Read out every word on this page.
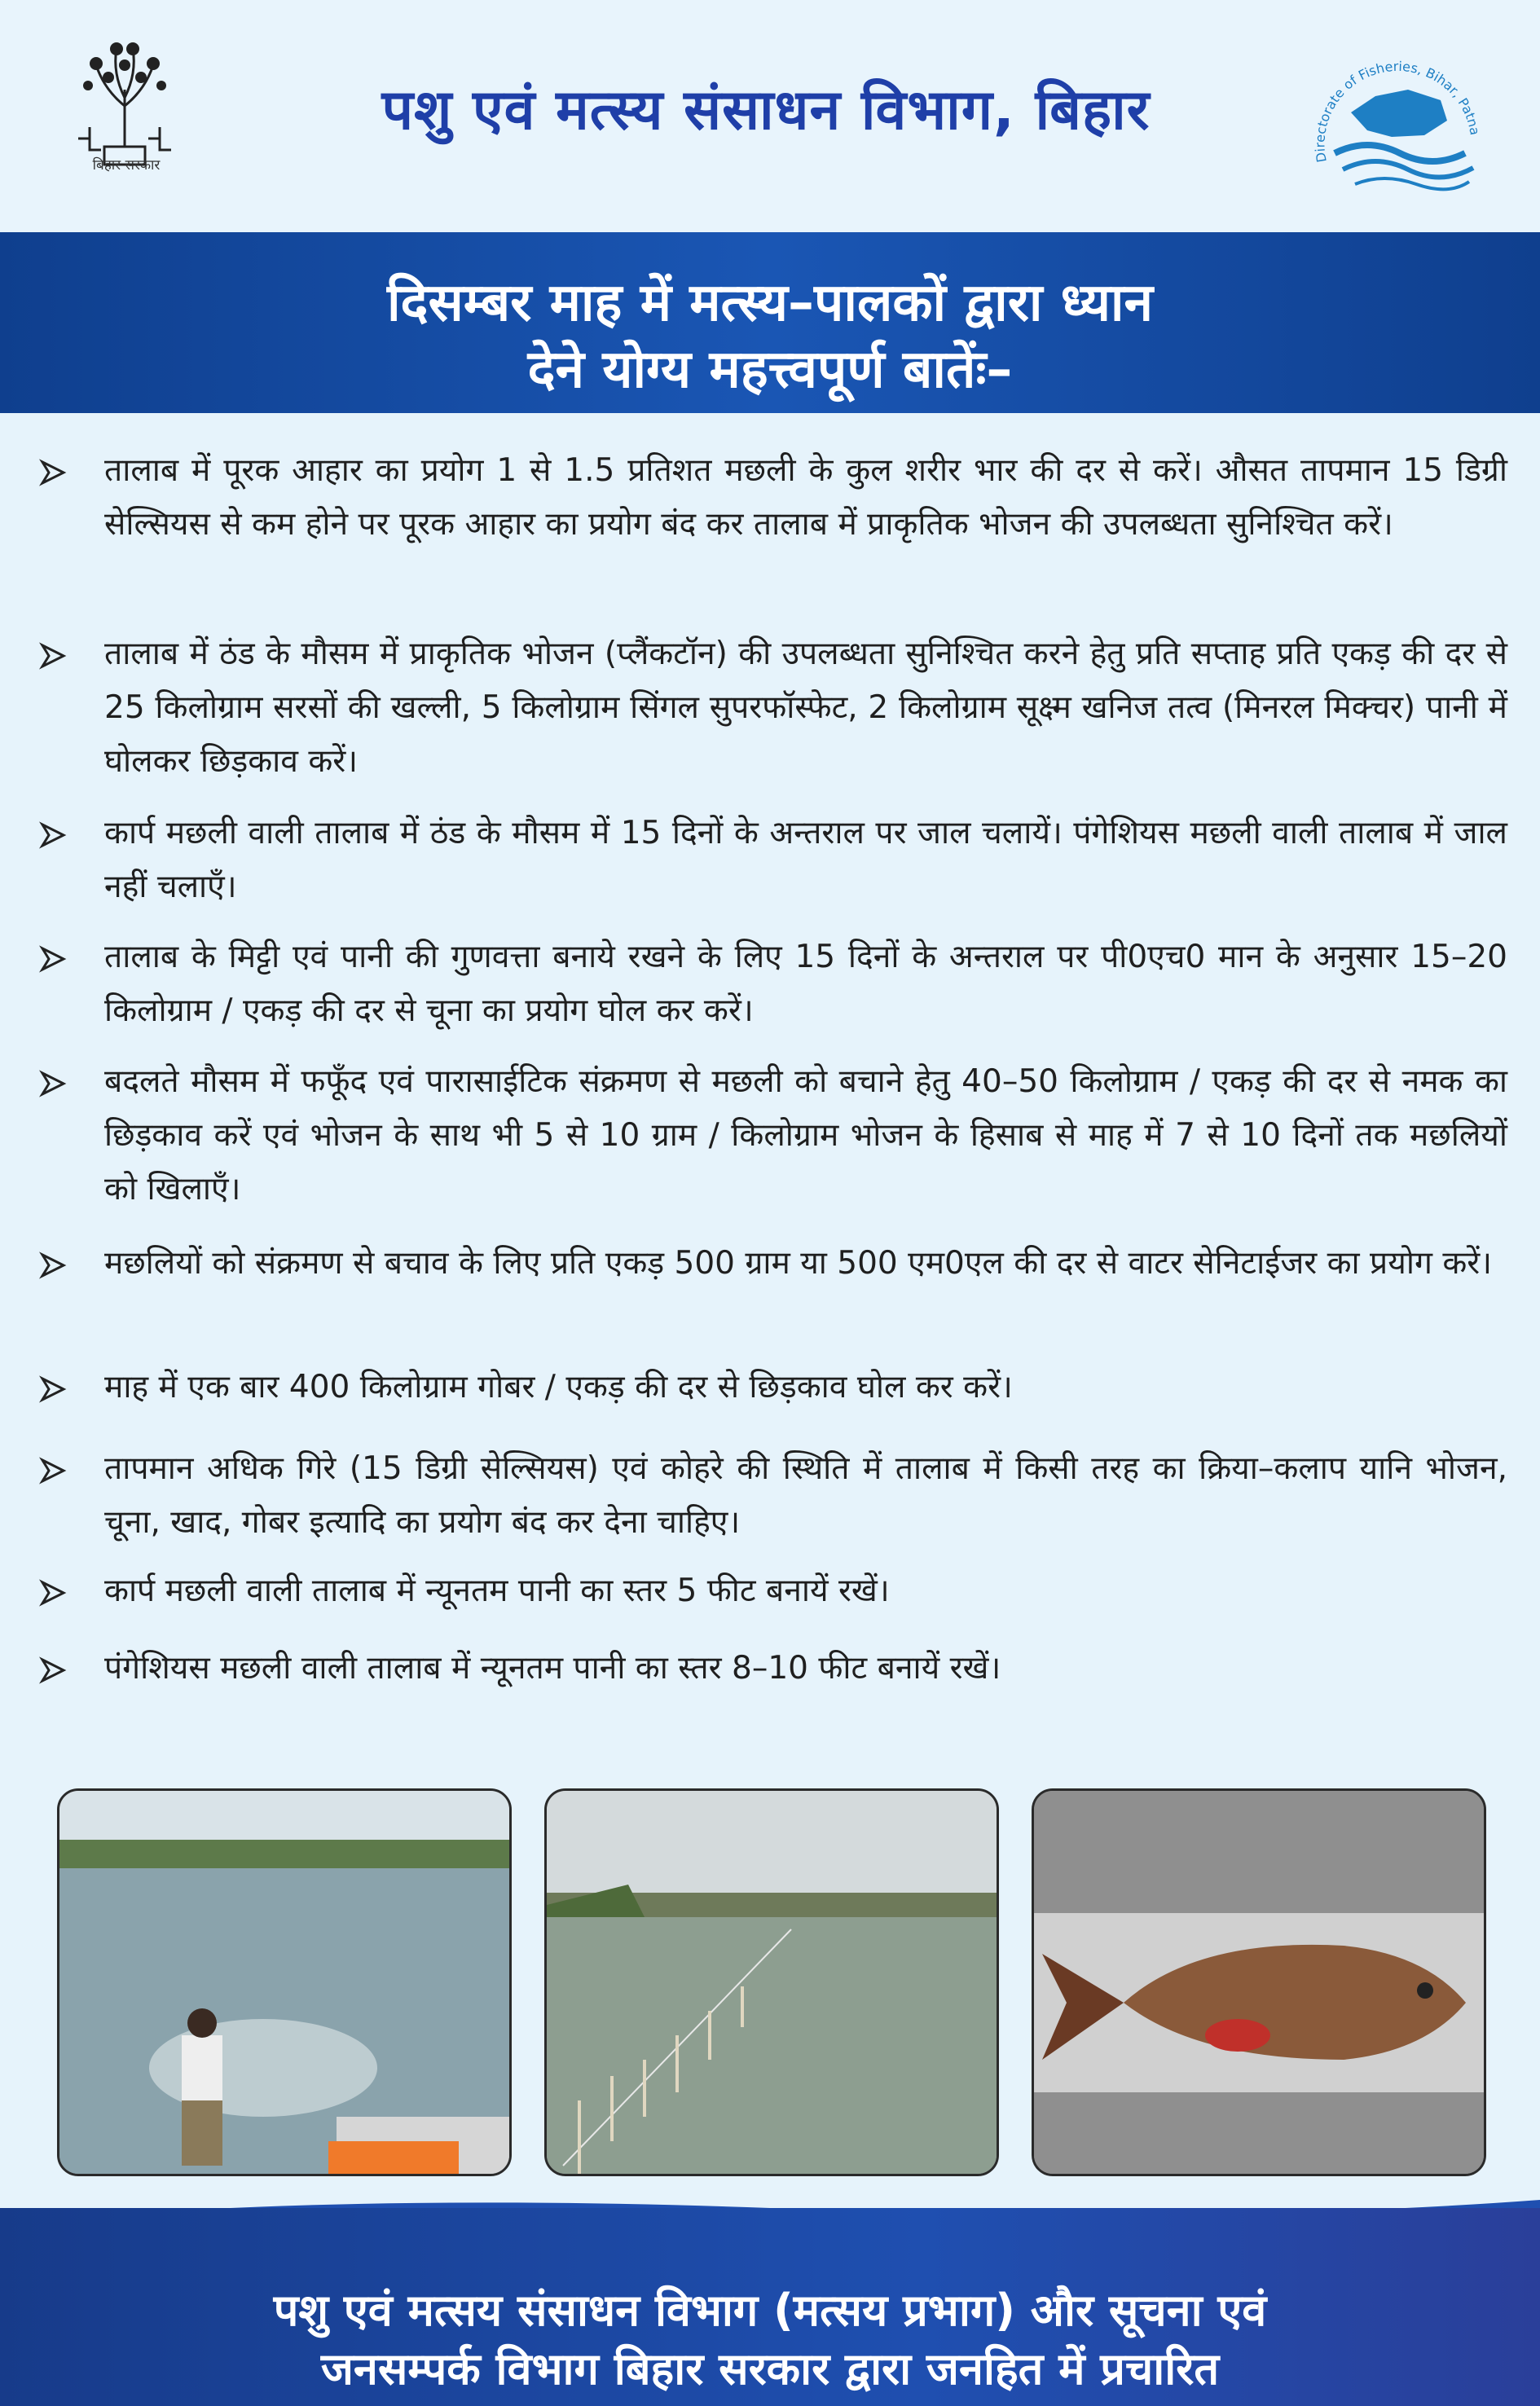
बिहार सरकार
पशु एवं मत्स्य संसाधन विभाग, बिहार
Directorate of Fisheries, Bihar, Patna
दिसम्बर माह में मत्स्य–पालकों द्वारा ध्यान
देने योग्य महत्त्वपूर्ण बातेंः–
तालाब में पूरक आहार का प्रयोग 1 से 1.5 प्रतिशत मछली के कुल शरीर भार की दर से करें। औसत तापमान 15 डिग्री सेल्सियस से कम होने पर पूरक आहार का प्रयोग बंद कर तालाब में प्राकृतिक भोजन की उपलब्धता सुनिश्चित करें।
तालाब में ठंड के मौसम में प्राकृतिक भोजन (प्लैंकटॉन) की उपलब्धता सुनिश्चित करने हेतु प्रति सप्ताह प्रति एकड़ की दर से 25 किलोग्राम सरसों की खल्ली, 5 किलोग्राम सिंगल सुपरफॉस्फेट, 2 किलोग्राम सूक्ष्म खनिज तत्व (मिनरल मिक्चर) पानी में घोलकर छिड़काव करें।
कार्प मछली वाली तालाब में ठंड के मौसम में 15 दिनों के अन्तराल पर जाल चलायें। पंगेशियस मछली वाली तालाब में जाल नहीं चलाएँ।
तालाब के मिट्टी एवं पानी की गुणवत्ता बनाये रखने के लिए 15 दिनों के अन्तराल पर पी0एच0 मान के अनुसार 15–20 किलोग्राम / एकड़ की दर से चूना का प्रयोग घोल कर करें।
बदलते मौसम में फफूँद एवं पारासाईटिक संक्रमण से मछली को बचाने हेतु 40–50 किलोग्राम / एकड़ की दर से नमक का छिड़काव करें एवं भोजन के साथ भी 5 से 10 ग्राम / किलोग्राम भोजन के हिसाब से माह में 7 से 10 दिनों तक मछलियों को खिलाएँ।
मछलियों को संक्रमण से बचाव के लिए प्रति एकड़ 500 ग्राम या 500 एम0एल की दर से वाटर सेनिटाईजर का प्रयोग करें।
माह में एक बार 400 किलोग्राम गोबर / एकड़ की दर से छिड़काव घोल कर करें।
तापमान अधिक गिरे (15 डिग्री सेल्सियस) एवं कोहरे की स्थिति में तालाब में किसी तरह का क्रिया–कलाप यानि भोजन, चूना, खाद, गोबर इत्यादि का प्रयोग बंद कर देना चाहिए।
कार्प मछली वाली तालाब में न्यूनतम पानी का स्तर 5 फीट बनायें रखें।
पंगेशियस मछली वाली तालाब में न्यूनतम पानी का स्तर 8–10 फीट बनायें रखें।
पशु एवं मत्सय संसाधन विभाग (मत्सय प्रभाग) और सूचना एवं
जनसम्पर्क विभाग बिहार सरकार द्वारा जनहित में प्रचारित
